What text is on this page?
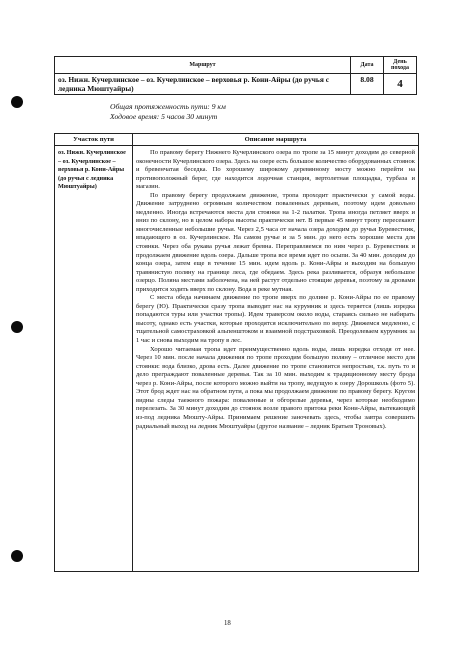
Маршрут	Дата	День похода
оз. Нижн. Кучерлинское – оз. Кучерлинское – верховья р. Кони-Айры (до ручья с ледника Мюштуайры)	8.08	4
Общая протяженность пути: 9 км
Ходовое время: 5 часов 30 минут
Участок пути	Описание маршрута
оз. Нижн. Кучерлинское – оз. Кучерлинское – верховья р. Кони-Айры (до ручья с ледника Мюштуайры)	По правому берегу Нижнего Кучерлинского озера по тропе за 15 минут доходим до северной оконечности Кучерлинского озера. Здесь на озере есть большое количество оборудованных стоянок и бревенчатая беседка. По хорошему широкому деревянному мосту можно перейти на противоположный берег, где находится лодочная станция, вертолетная площадка, турбаза и магазин.

По правому берегу продолжаем движение, тропа проходит практически у самой воды. Движение затруднено огромным количеством поваленных деревьев, поэтому идем довольно медленно. Иногда встречаются места для стоянки на 1-2 палатки. Тропа иногда петляет вверх и вниз по склону, но в целом набора высоты практически нет. В первые 45 минут тропу пересекают многочисленные небольшие ручьи. Через 2,5 часа от начала озера доходим до ручья Буревестник, впадающего в оз. Кучерлинское. На самом ручье и за 5 мин. до него есть хорошие места для стоянки. Через оба рукава ручья лежат бревна. Переправляемся по ним через р. Буревестник и продолжаем движение вдоль озера. Дальше тропа все время идет по осыпи. За 40 мин. доходим до конца озера, затем еще в течение 15 мин. идем вдоль р. Кони-Айры и выходим на большую травянистую поляну на границе леса, где обедаем. Здесь река разливается, образуя небольшое озерцо. Поляна местами заболочена, на ней растут отдельно стоящие деревья, поэтому за дровами приходится ходить вверх по склону. Вода в реке мутная.

С места обеда начинаем движение по тропе вверх по долине р. Кони-Айры по ее правому берегу (Ю). Практически сразу тропа выводит нас на курумник и здесь теряется (лишь изредка попадаются туры или участки тропы). Идем траверсом около воды, стараясь сильно не набирать высоту, однако есть участки, которые проходятся исключительно по верху. Движемся медленно, с тщательной самостраховкой альпенштоком и взаимной подстраховкой. Преодолеваем курумник за 1 час и снова выходим на тропу в лес.

Хорошо читаемая тропа идет преимущественно вдоль воды, лишь изредка отходя от нее. Через 10 мин. после начала движения по тропе проходим большую поляну – отличное место для стоянки: вода близко, дрова есть. Далее движение по тропе становится непростым, т.к. путь то и дело преграждают поваленные деревья. Так за 10 мин. выходим к традиционному месту брода через р. Кони-Айры, после которого можно выйти на тропу, ведущую к озеру Дорошколь (фото 5). Этот брод ждет нас на обратном пути, а пока мы продолжаем движение по правому берегу. Кругом видны следы таежного пожара: поваленные и обгорелые деревья, через которые необходимо перелезать. За 30 минут доходим до стоянок возле правого притока реки Кони-Айры, вытекающей из-под ледника Мюшту-Айры. Принимаем решение заночевать здесь, чтобы завтра совершить радиальный выход на ледник Мюштуайры (другое название – ледник Братьев Троновых).

18
